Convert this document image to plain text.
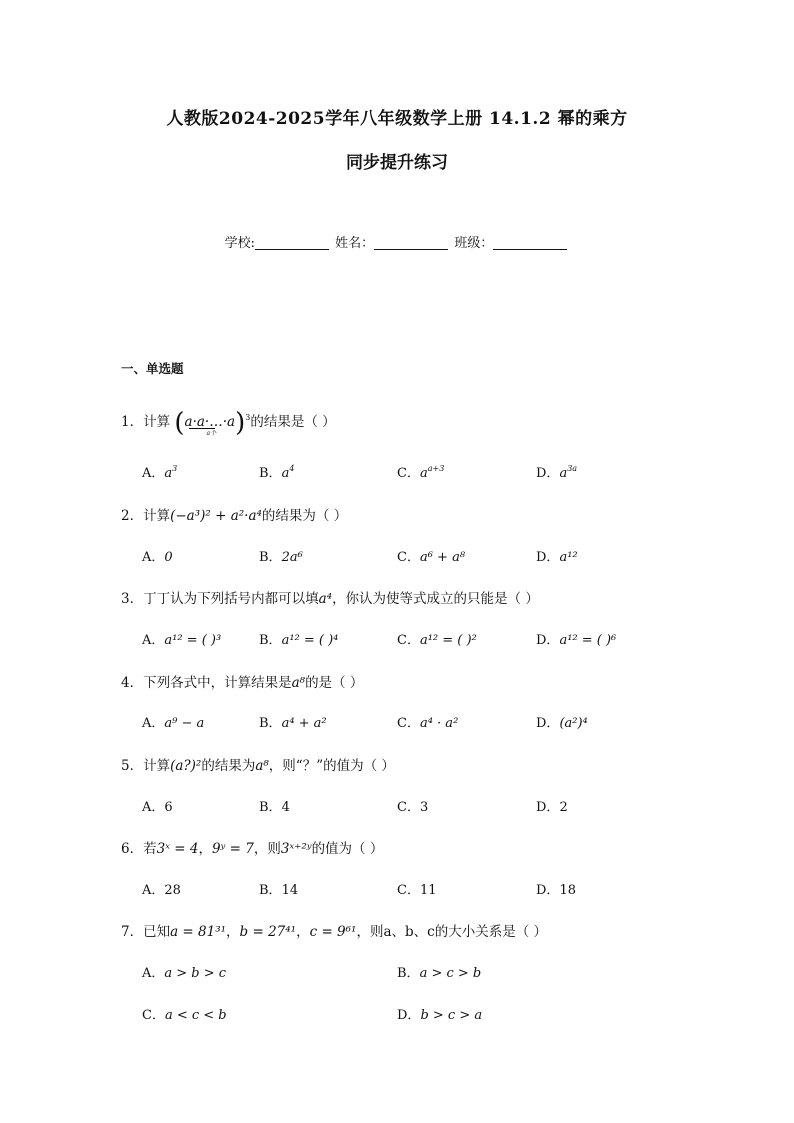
人教版2024-2025学年八年级数学上册 14.1.2 幂的乘方
同步提升练习
学校:	姓名：	班级：
一、单选题
1．计算 (a·a·…·a
a个 )$^3$的结果是（ ）
A．$a^3$	B．$a^4$	C．$a^{a+3}$	D．$a^{3a}$
2．计算(−a³)² + a²·a⁴的结果为（ ）
A．0	B．2a⁶	C．a⁶ + a⁸	D．a¹²
3．丁丁认为下列括号内都可以填a⁴，你认为使等式成立的只能是（ ）
A．a¹² = ( )³	B．a¹² = ( )⁴	C．a¹² = ( )²	D．a¹² = ( )⁶
4．下列各式中，计算结果是a⁸的是（ ）
A．a⁹ − a	B．a⁴ + a²	C．a⁴ · a²	D．(a²)⁴
5．计算(a?)²的结果为a⁸，则“？”的值为（ ）
A．6	B．4	C．3	D．2
6．若3ˣ = 4，9ʸ = 7，则3ˣ⁺²ʸ的值为（ ）
A．28	B．14	C．11	D．18
7．已知a = 81³¹，b = 27⁴¹，c = 9⁶¹，则a、b、c的大小关系是（ ）
A．a > b > c	B．a > c > b
C．a < c < b	D．b > c > a
